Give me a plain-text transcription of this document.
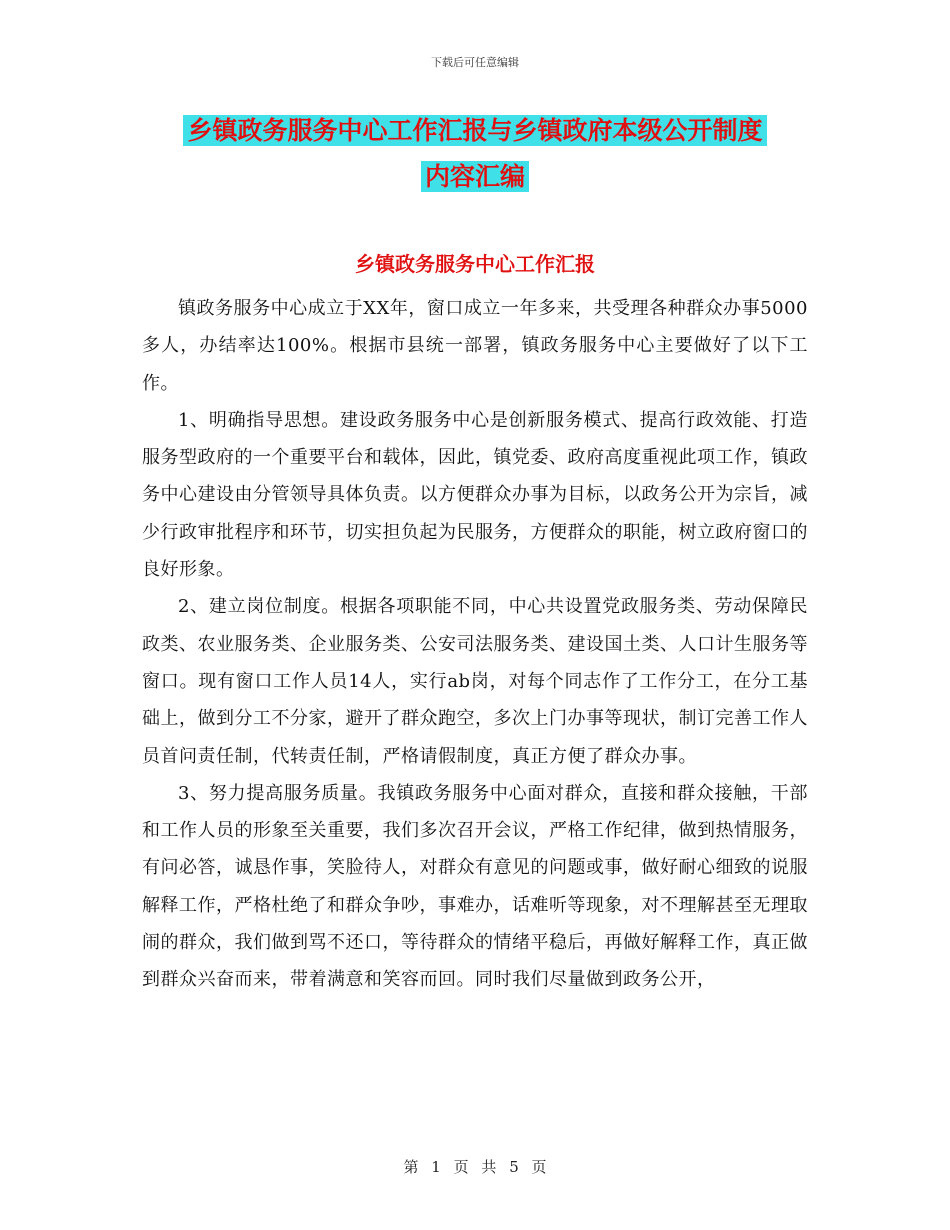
下载后可任意编辑
乡镇政务服务中心工作汇报与乡镇政府本级公开制度
内容汇编
乡镇政务服务中心工作汇报

镇政务服务中心成立于XX年，窗口成立一年多来，共受理各种群众办事5000多人，办结率达100%。根据市县统一部署，镇政务服务中心主要做好了以下工作。

1、明确指导思想。建设政务服务中心是创新服务模式、提高行政效能、打造服务型政府的一个重要平台和载体，因此，镇党委、政府高度重视此项工作，镇政务中心建设由分管领导具体负责。以方便群众办事为目标，以政务公开为宗旨，减少行政审批程序和环节，切实担负起为民服务，方便群众的职能，树立政府窗口的良好形象。

2、建立岗位制度。根据各项职能不同，中心共设置党政服务类、劳动保障民政类、农业服务类、企业服务类、公安司法服务类、建设国土类、人口计生服务等窗口。现有窗口工作人员14人，实行ab岗，对每个同志作了工作分工，在分工基础上，做到分工不分家，避开了群众跑空，多次上门办事等现状，制订完善工作人员首问责任制，代转责任制，严格请假制度，真正方便了群众办事。

3、努力提高服务质量。我镇政务服务中心面对群众，直接和群众接触，干部和工作人员的形象至关重要，我们多次召开会议，严格工作纪律，做到热情服务，有问必答，诚恳作事，笑脸待人，对群众有意见的问题或事，做好耐心细致的说服解释工作，严格杜绝了和群众争吵，事难办，话难听等现象，对不理解甚至无理取闹的群众，我们做到骂不还口，等待群众的情绪平稳后，再做好解释工作，真正做到群众兴奋而来，带着满意和笑容而回。同时我们尽量做到政务公开，

第 1 页 共 5 页
